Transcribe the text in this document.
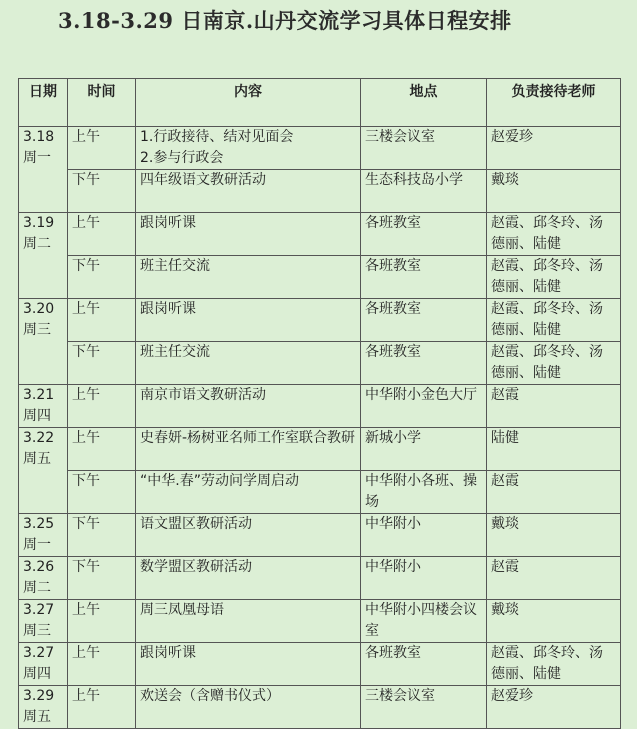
3.18-3.29 日南京.山丹交流学习具体日程安排
日期	时间	内容	地点	负责接待老师

3.18
周一	上午	1.行政接待、结对见面会
2.参与行政会	三楼会议室	赵爱珍
	下午	四年级语文教研活动	生态科技岛小学	戴琰

3.19
周二	上午	跟岗听课	各班教室	赵霞、邱冬玲、汤德丽、陆健
	下午	班主任交流	各班教室	赵霞、邱冬玲、汤德丽、陆健

3.20
周三	上午	跟岗听课	各班教室	赵霞、邱冬玲、汤德丽、陆健
	下午	班主任交流	各班教室	赵霞、邱冬玲、汤德丽、陆健

3.21
周四	上午	南京市语文教研活动	中华附小金色大厅	赵霞

3.22
周五	上午	史春妍-杨树亚名师工作室联合教研	新城小学	陆健
	下午	“中华.春”劳动问学周启动	中华附小各班、操场	赵霞

3.25
周一	下午	语文盟区教研活动	中华附小	戴琰

3.26
周二	下午	数学盟区教研活动	中华附小	赵霞

3.27
周三	上午	周三凤凰母语	中华附小四楼会议室	戴琰

3.27
周四	上午	跟岗听课	各班教室	赵霞、邱冬玲、汤德丽、陆健

3.29
周五	上午	欢送会（含赠书仪式）	三楼会议室	赵爱珍
